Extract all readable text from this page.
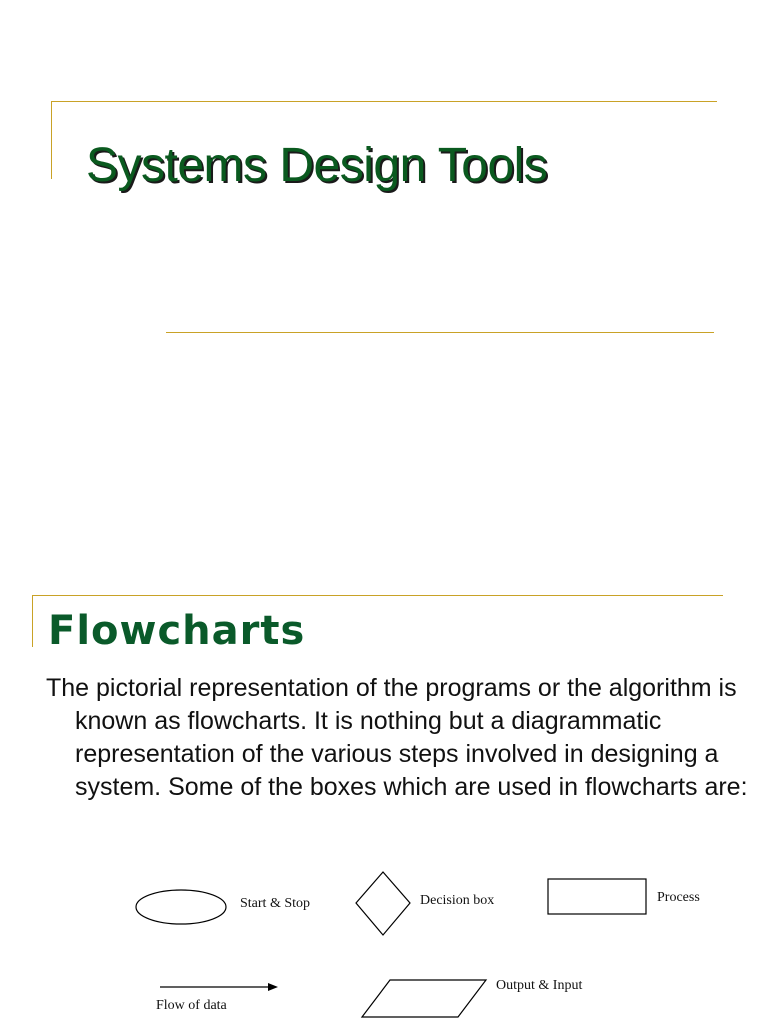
Systems Design Tools
Flowcharts

The pictorial representation of the programs or the algorithm is known as flowcharts. It is nothing but a diagrammatic representation of the various steps involved in designing a system. Some of the boxes which are used in flowcharts are:

Start & Stop	Decision box	Process
Flow of data
Output & Input
